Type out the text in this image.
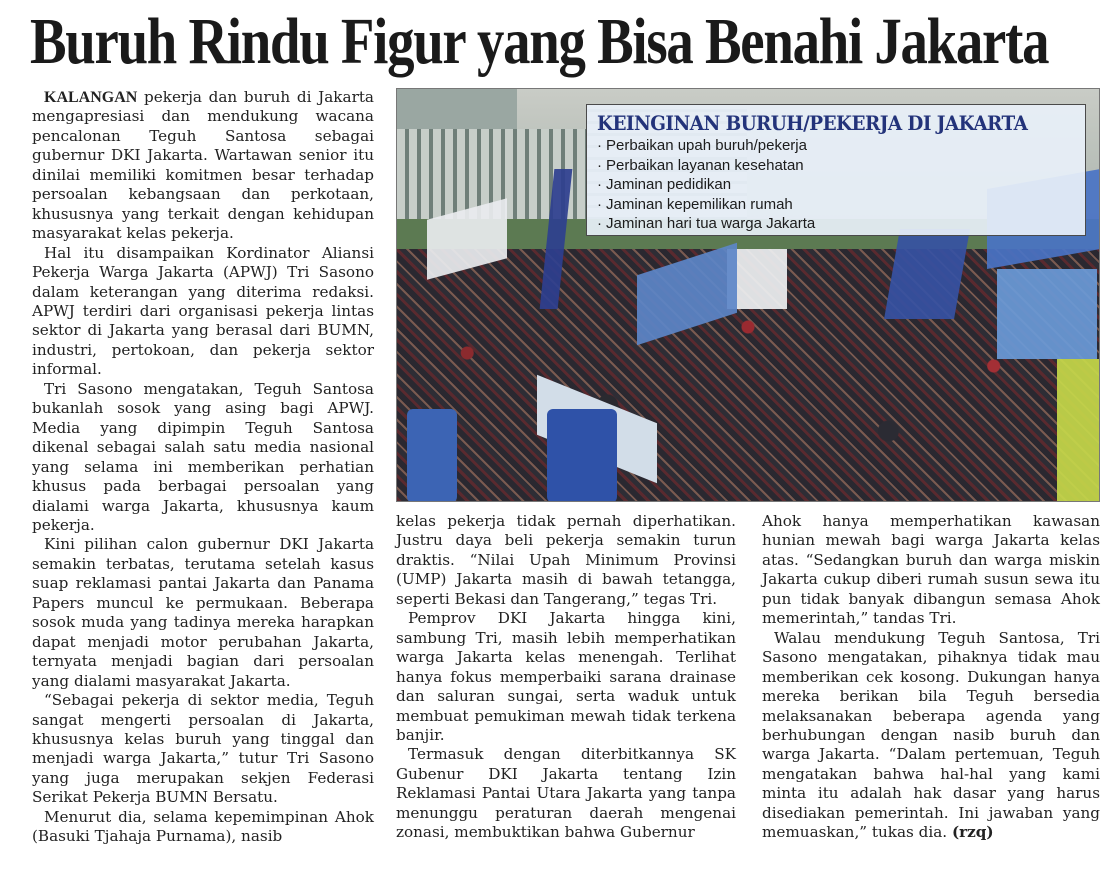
Buruh Rindu Figur yang Bisa Benahi Jakarta

KALANGAN pekerja dan buruh di Jakarta mengapresiasi dan mendukung wacana pencalonan Teguh Santosa sebagai gubernur DKI Jakarta. Wartawan senior itu dinilai memiliki komitmen besar terhadap persoalan kebangsaan dan perkotaan, khususnya yang terkait dengan kehidupan masyarakat kelas pekerja.

Hal itu disampaikan Kordinator Aliansi Pekerja Warga Jakarta (APWJ) Tri Sasono dalam keterangan yang diterima redaksi. APWJ terdiri dari organisasi pekerja lintas sektor di Jakarta yang berasal dari BUMN, industri, pertokoan, dan pekerja sektor informal.

Tri Sasono mengatakan, Teguh Santosa bukanlah sosok yang asing bagi APWJ. Media yang dipimpin Teguh Santosa dikenal sebagai salah satu media nasional yang selama ini memberikan perhatian khusus pada berbagai persoalan yang dialami warga Jakarta, khususnya kaum pekerja.

Kini pilihan calon gubernur DKI Jakarta semakin terbatas, terutama setelah kasus suap reklamasi pantai Jakarta dan Panama Papers muncul ke permukaan. Beberapa sosok muda yang tadinya mereka harapkan dapat menjadi motor perubahan Jakarta, ternyata menjadi bagian dari persoalan yang dialami masyarakat Jakarta.

“Sebagai pekerja di sektor media, Teguh sangat mengerti persoalan di Jakarta, khususnya kelas buruh yang tinggal dan menjadi warga Jakarta,” tutur Tri Sasono yang juga merupakan sekjen Federasi Serikat Pekerja BUMN Bersatu.

Menurut dia, selama kepemimpinan Ahok (Basuki Tjahaja Purnama), nasib

KEINGINAN BURUH/PEKERJA DI JAKARTA
· Perbaikan upah buruh/pekerja
· Perbaikan layanan kesehatan
· Jaminan pedidikan
· Jaminan kepemilikan rumah
· Jaminan hari tua warga Jakarta

kelas pekerja tidak pernah diperhatikan. Justru daya beli pekerja semakin turun draktis. “Nilai Upah Minimum Provinsi (UMP) Jakarta masih di bawah tetangga, seperti Bekasi dan Tangerang,” tegas Tri.

Pemprov DKI Jakarta hingga kini, sambung Tri, masih lebih memperhatikan warga Jakarta kelas menengah. Terlihat hanya fokus memperbaiki sarana drainase dan saluran sungai, serta waduk untuk membuat pemukiman mewah tidak terkena banjir.

Termasuk dengan diterbitkannya SK Gubenur DKI Jakarta tentang Izin Reklamasi Pantai Utara Jakarta yang tanpa menunggu peraturan daerah mengenai zonasi, membuktikan bahwa Gubernur

Ahok hanya memperhatikan kawasan hunian mewah bagi warga Jakarta kelas atas. “Sedangkan buruh dan warga miskin Jakarta cukup diberi rumah susun sewa itu pun tidak banyak dibangun semasa Ahok memerintah,” tandas Tri.

Walau mendukung Teguh Santosa, Tri Sasono mengatakan, pihaknya tidak mau memberikan cek kosong. Dukungan hanya mereka berikan bila Teguh bersedia melaksanakan beberapa agenda yang berhubungan dengan nasib buruh dan warga Jakarta. “Dalam pertemuan, Teguh mengatakan bahwa hal-hal yang kami minta itu adalah hak dasar yang harus disediakan pemerintah. Ini jawaban yang memuaskan,” tukas dia. (rzq)
